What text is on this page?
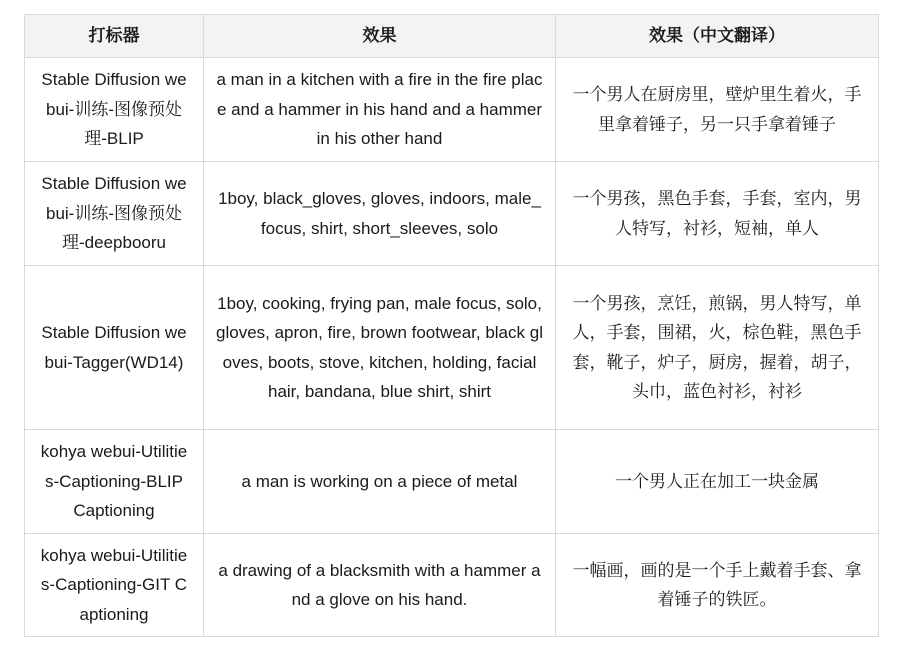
打标器	效果	效果（中文翻译）
Stable Diffusion webui-训练-图像预处理-BLIP	a man in a kitchen with a fire in the fire place and a hammer in his hand and a hammer in his other hand	一个男人在厨房里，壁炉里生着火，手里拿着锤子，另一只手拿着锤子
Stable Diffusion webui-训练-图像预处理-deepbooru	1boy, black_gloves, gloves, indoors, male_focus, shirt, short_sleeves, solo	一个男孩，黑色手套，手套，室内，男人特写，衬衫，短袖，单人
Stable Diffusion webui-Tagger(WD14)	1boy, cooking, frying pan, male focus, solo, gloves, apron, fire, brown footwear, black gloves, boots, stove, kitchen, holding, facial hair, bandana, blue shirt, shirt	一个男孩，烹饪，煎锅，男人特写，单人，手套，围裙，火，棕色鞋，黑色手套，靴子，炉子，厨房，握着，胡子，头巾，蓝色衬衫，衬衫
kohya webui-Utilities-Captioning-BLIP Captioning	a man is working on a piece of metal	一个男人正在加工一块金属
kohya webui-Utilities-Captioning-GIT Captioning	a drawing of a blacksmith with a hammer and a glove on his hand.	一幅画，画的是一个手上戴着手套、拿着锤子的铁匠。
